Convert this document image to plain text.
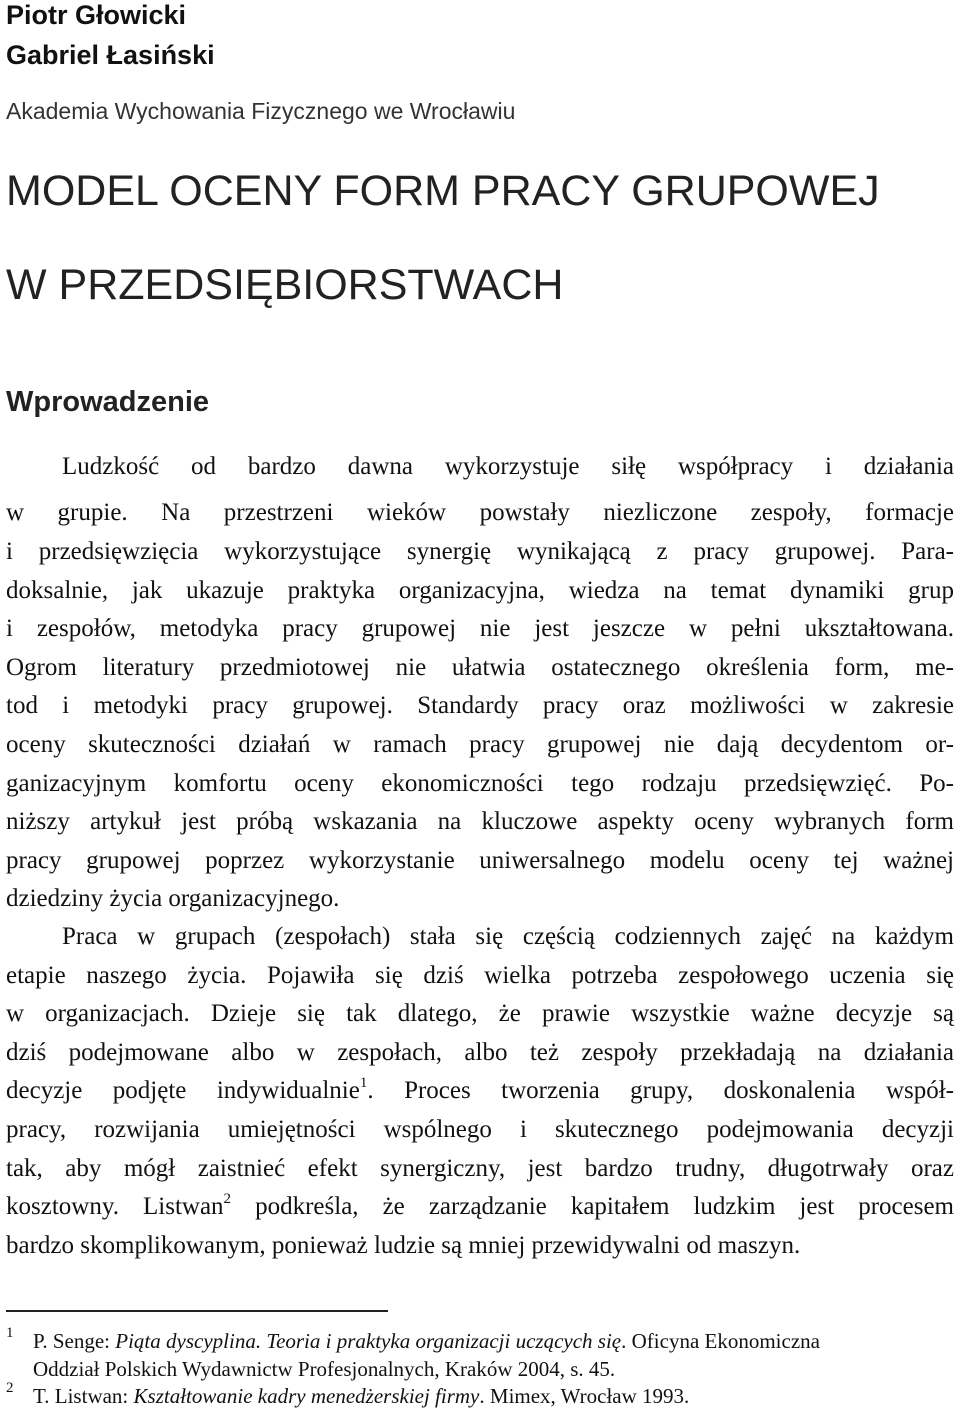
Piotr Głowicki
Gabriel Łasiński
Akademia Wychowania Fizycznego we Wrocławiu
MODEL OCENY FORM PRACY GRUPOWEJ
W PRZEDSIĘBIORSTWACH
Wprowadzenie
Ludzkość od bardzo dawna wykorzystuje siłę współpracy i działania
w grupie. Na przestrzeni wieków powstały niezliczone zespoły, formacje
i przedsięwzięcia wykorzystujące synergię wynikającą z pracy grupowej. Para-
doksalnie, jak ukazuje praktyka organizacyjna, wiedza na temat dynamiki grup
i zespołów, metodyka pracy grupowej nie jest jeszcze w pełni ukształtowana.
Ogrom literatury przedmiotowej nie ułatwia ostatecznego określenia form, me-
tod i metodyki pracy grupowej. Standardy pracy oraz możliwości w zakresie
oceny skuteczności działań w ramach pracy grupowej nie dają decydentom or-
ganizacyjnym komfortu oceny ekonomiczności tego rodzaju przedsięwzięć. Po-
niższy artykuł jest próbą wskazania na kluczowe aspekty oceny wybranych form
pracy grupowej poprzez wykorzystanie uniwersalnego modelu oceny tej ważnej
dziedziny życia organizacyjnego.
Praca w grupach (zespołach) stała się częścią codziennych zajęć na każdym
etapie naszego życia. Pojawiła się dziś wielka potrzeba zespołowego uczenia się
w organizacjach. Dzieje się tak dlatego, że prawie wszystkie ważne decyzje są
dziś podejmowane albo w zespołach, albo też zespoły przekładają na działania
decyzje podjęte indywidualnie$^1$. Proces tworzenia grupy, doskonalenia współ-
pracy, rozwijania umiejętności wspólnego i skutecznego podejmowania decyzji
tak, aby mógł zaistnieć efekt synergiczny, jest bardzo trudny, długotrwały oraz
kosztowny. Listwan$^2$ podkreśla, że zarządzanie kapitałem ludzkim jest procesem
bardzo skomplikowanym, ponieważ ludzie są mniej przewidywalni od maszyn.
1 P. Senge: Piąta dyscyplina. Teoria i praktyka organizacji uczących się. Oficyna Ekonomiczna
Oddział Polskich Wydawnictw Profesjonalnych, Kraków 2004, s. 45.
2 T. Listwan: Kształtowanie kadry menedżerskiej firmy. Mimex, Wrocław 1993.
